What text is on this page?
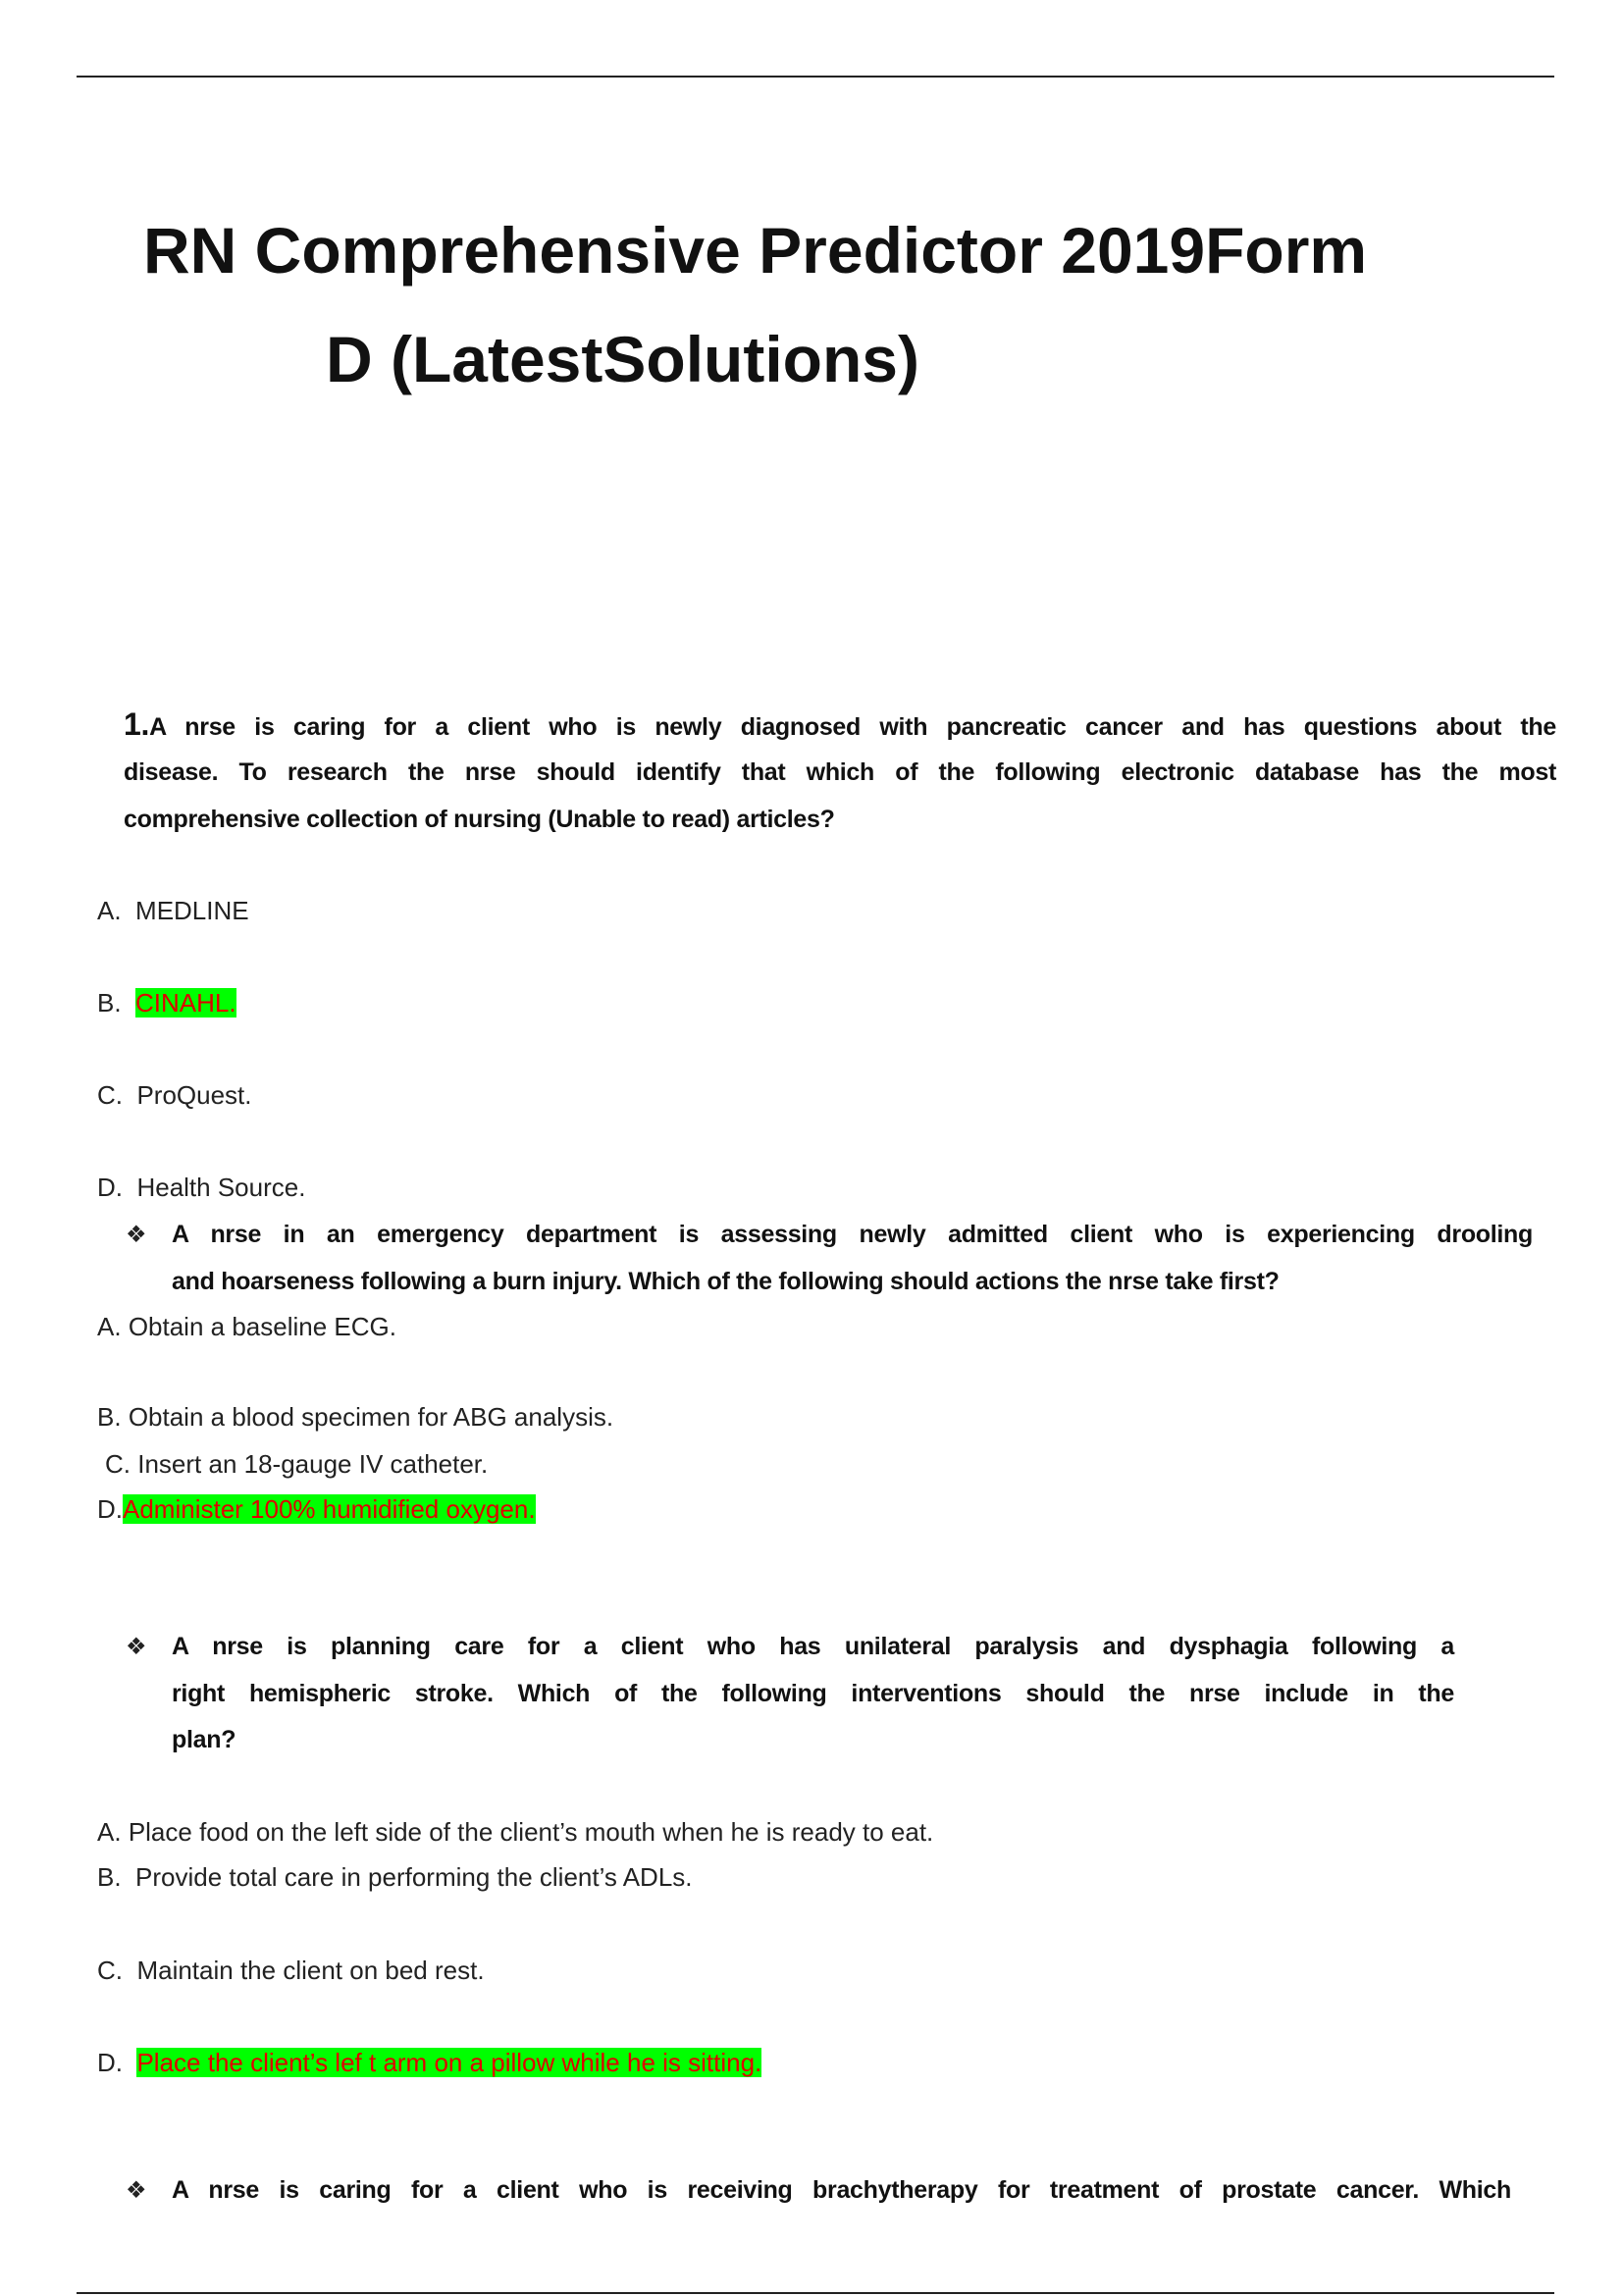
RN Comprehensive Predictor 2019Form
D (LatestSolutions)
1.A nrse is caring for a client who is newly diagnosed with pancreatic cancer and has questions about the
disease. To research the nrse should identify that which of the following electronic database has the most
comprehensive collection of nursing (Unable to read) articles?
A. MEDLINE
B. CINAHL.
C. ProQuest.
D. Health Source.
❖ A nrse in an emergency department is assessing newly admitted client who is experiencing drooling
and hoarseness following a burn injury. Which of the following should actions the nrse take first?
A. Obtain a baseline ECG.
B. Obtain a blood specimen for ABG analysis.
C. Insert an 18-gauge IV catheter.
D.Administer 100% humidified oxygen.
❖ A nrse is planning care for a client who has unilateral paralysis and dysphagia following a
right hemispheric stroke. Which of the following interventions should the nrse include in the
plan?
A. Place food on the left side of the client’s mouth when he is ready to eat.
B. Provide total care in performing the client’s ADLs.
C. Maintain the client on bed rest.
D. Place the client’s lef t arm on a pillow while he is sitting.
❖ A nrse is caring for a client who is receiving brachytherapy for treatment of prostate cancer. Which
